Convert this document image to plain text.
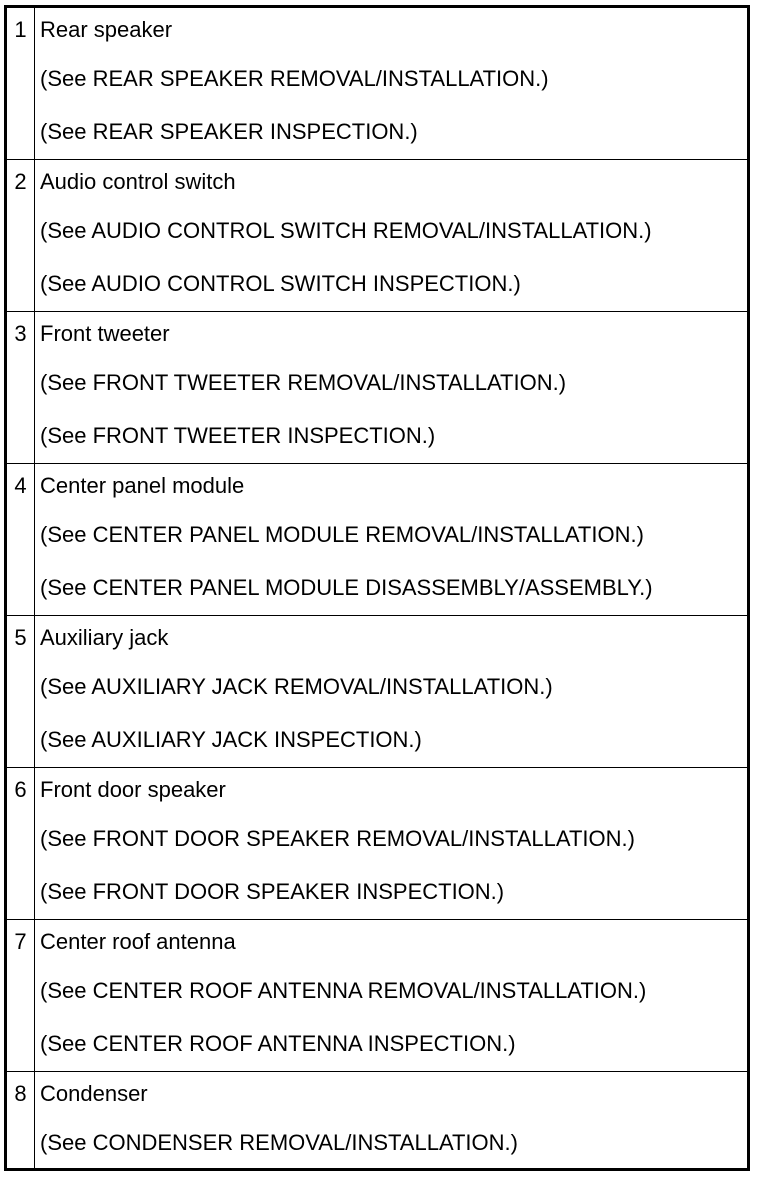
1 Rear speaker
(See REAR SPEAKER REMOVAL/INSTALLATION.)
(See REAR SPEAKER INSPECTION.)
2 Audio control switch
(See AUDIO CONTROL SWITCH REMOVAL/INSTALLATION.)
(See AUDIO CONTROL SWITCH INSPECTION.)
3 Front tweeter
(See FRONT TWEETER REMOVAL/INSTALLATION.)
(See FRONT TWEETER INSPECTION.)
4 Center panel module
(See CENTER PANEL MODULE REMOVAL/INSTALLATION.)
(See CENTER PANEL MODULE DISASSEMBLY/ASSEMBLY.)
5 Auxiliary jack
(See AUXILIARY JACK REMOVAL/INSTALLATION.)
(See AUXILIARY JACK INSPECTION.)
6 Front door speaker
(See FRONT DOOR SPEAKER REMOVAL/INSTALLATION.)
(See FRONT DOOR SPEAKER INSPECTION.)
7 Center roof antenna
(See CENTER ROOF ANTENNA REMOVAL/INSTALLATION.)
(See CENTER ROOF ANTENNA INSPECTION.)
8 Condenser
(See CONDENSER REMOVAL/INSTALLATION.)
